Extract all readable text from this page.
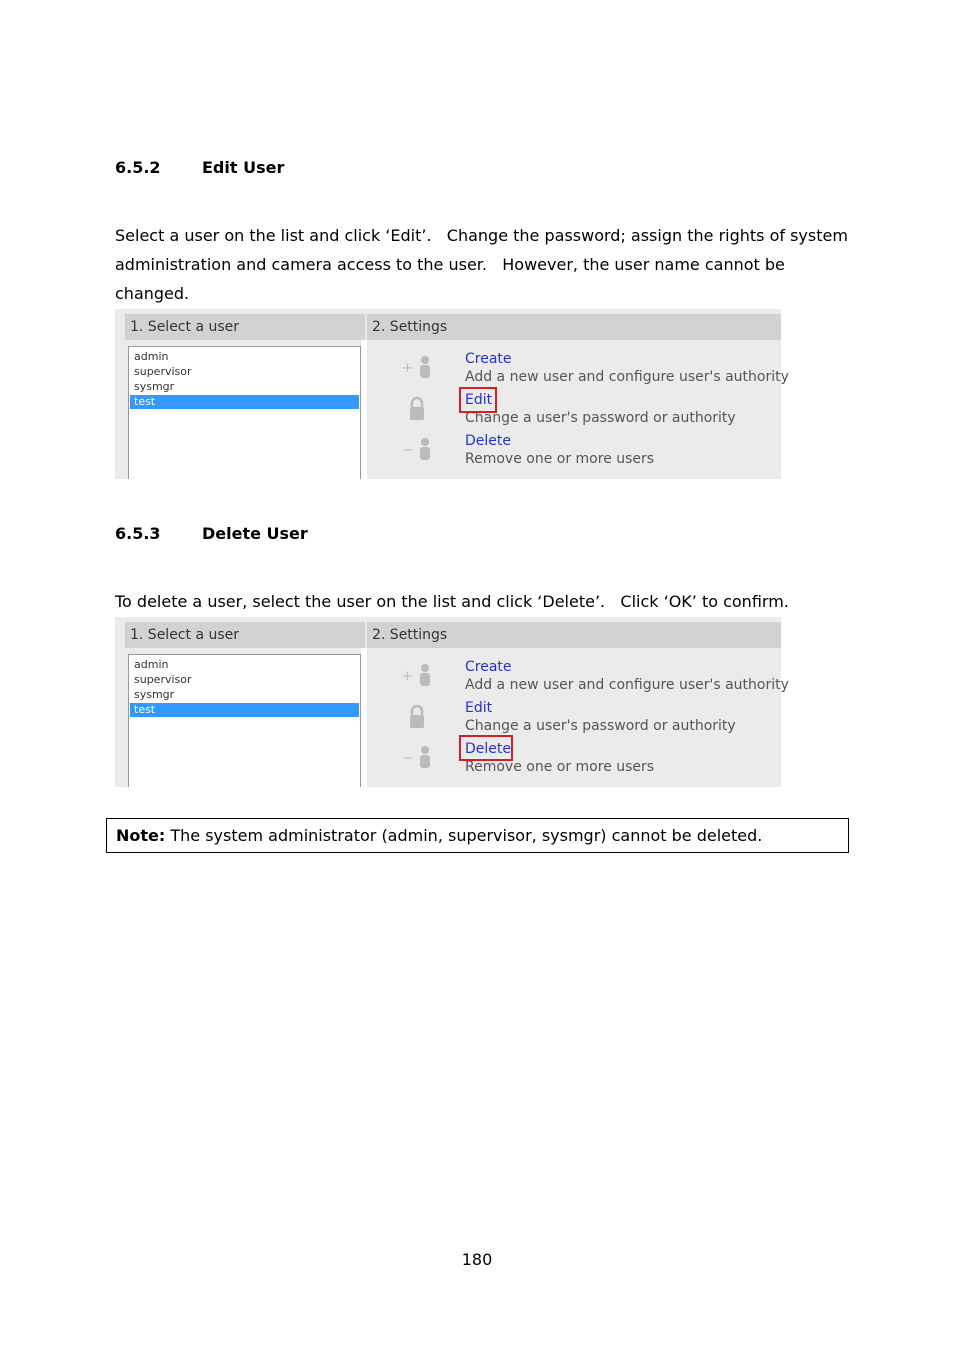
6.5.2	Edit User
Select a user on the list and click ‘Edit’.   Change the password; assign the rights of system
administration and camera access to the user.   However, the user name cannot be
changed.
1. Select a user	2. Settings
admin
supervisor
sysmgr
test
+
Create
Add a new user and configure user's authority
Edit
Change a user's password or authority
−
Delete
Remove one or more users
6.5.3	Delete User
To delete a user, select the user on the list and click ‘Delete’.   Click ‘OK’ to confirm.
1. Select a user	2. Settings
admin
supervisor
sysmgr
test
+
Create
Add a new user and configure user's authority
Edit
Change a user's password or authority
−
Delete
Remove one or more users
Note: The system administrator (admin, supervisor, sysmgr) cannot be deleted.
180
